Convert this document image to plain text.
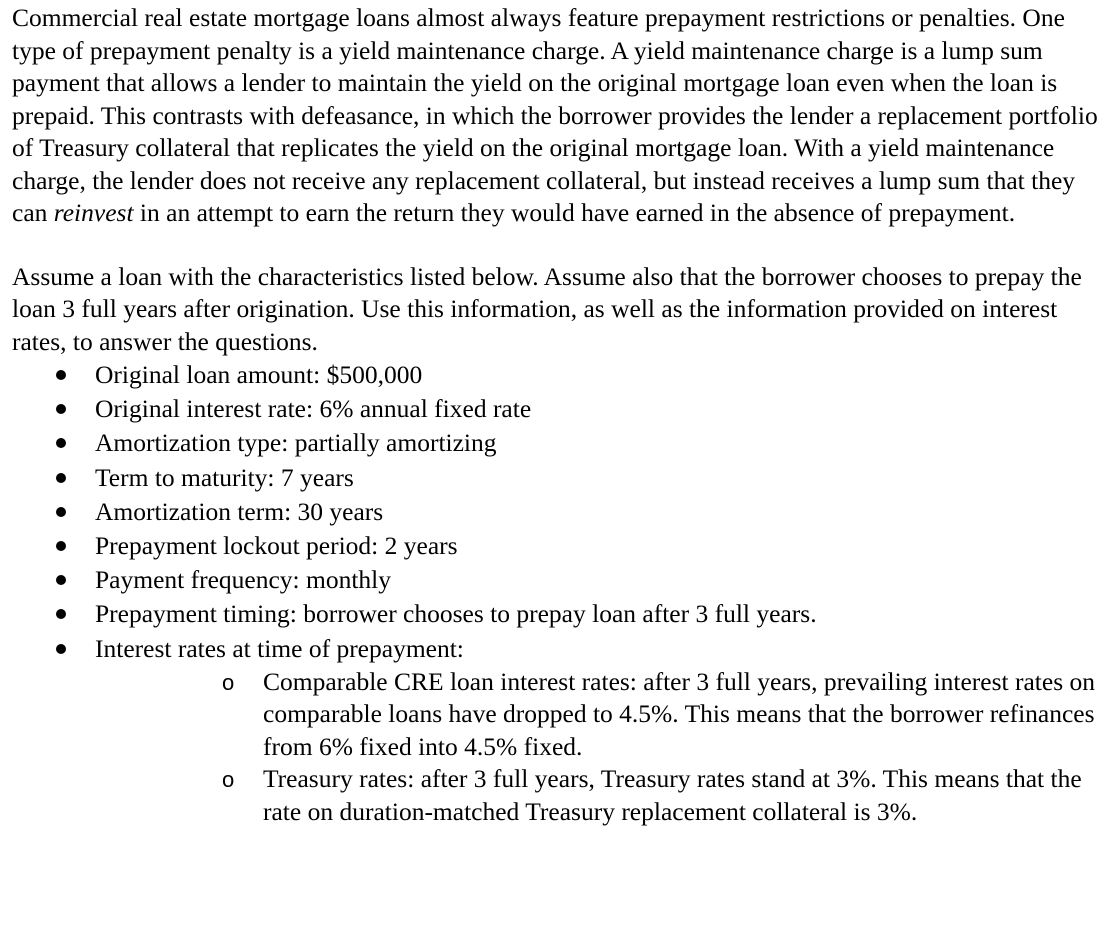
Commercial real estate mortgage loans almost always feature prepayment restrictions or penalties. One type of prepayment penalty is a yield maintenance charge. A yield maintenance charge is a lump sum payment that allows a lender to maintain the yield on the original mortgage loan even when the loan is prepaid. This contrasts with defeasance, in which the borrower provides the lender a replacement portfolio of Treasury collateral that replicates the yield on the original mortgage loan. With a yield maintenance charge, the lender does not receive any replacement collateral, but instead receives a lump sum that they can reinvest in an attempt to earn the return they would have earned in the absence of prepayment.

Assume a loan with the characteristics listed below. Assume also that the borrower chooses to prepay the loan 3 full years after origination. Use this information, as well as the information provided on interest rates, to answer the questions.

Original loan amount: $500,000
Original interest rate: 6% annual fixed rate
Amortization type: partially amortizing
Term to maturity: 7 years
Amortization term: 30 years
Prepayment lockout period: 2 years
Payment frequency: monthly
Prepayment timing: borrower chooses to prepay loan after 3 full years.
Interest rates at time of prepayment:
o Comparable CRE loan interest rates: after 3 full years, prevailing interest rates on comparable loans have dropped to 4.5%. This means that the borrower refinances from 6% fixed into 4.5% fixed.
o Treasury rates: after 3 full years, Treasury rates stand at 3%. This means that the rate on duration-matched Treasury replacement collateral is 3%.
